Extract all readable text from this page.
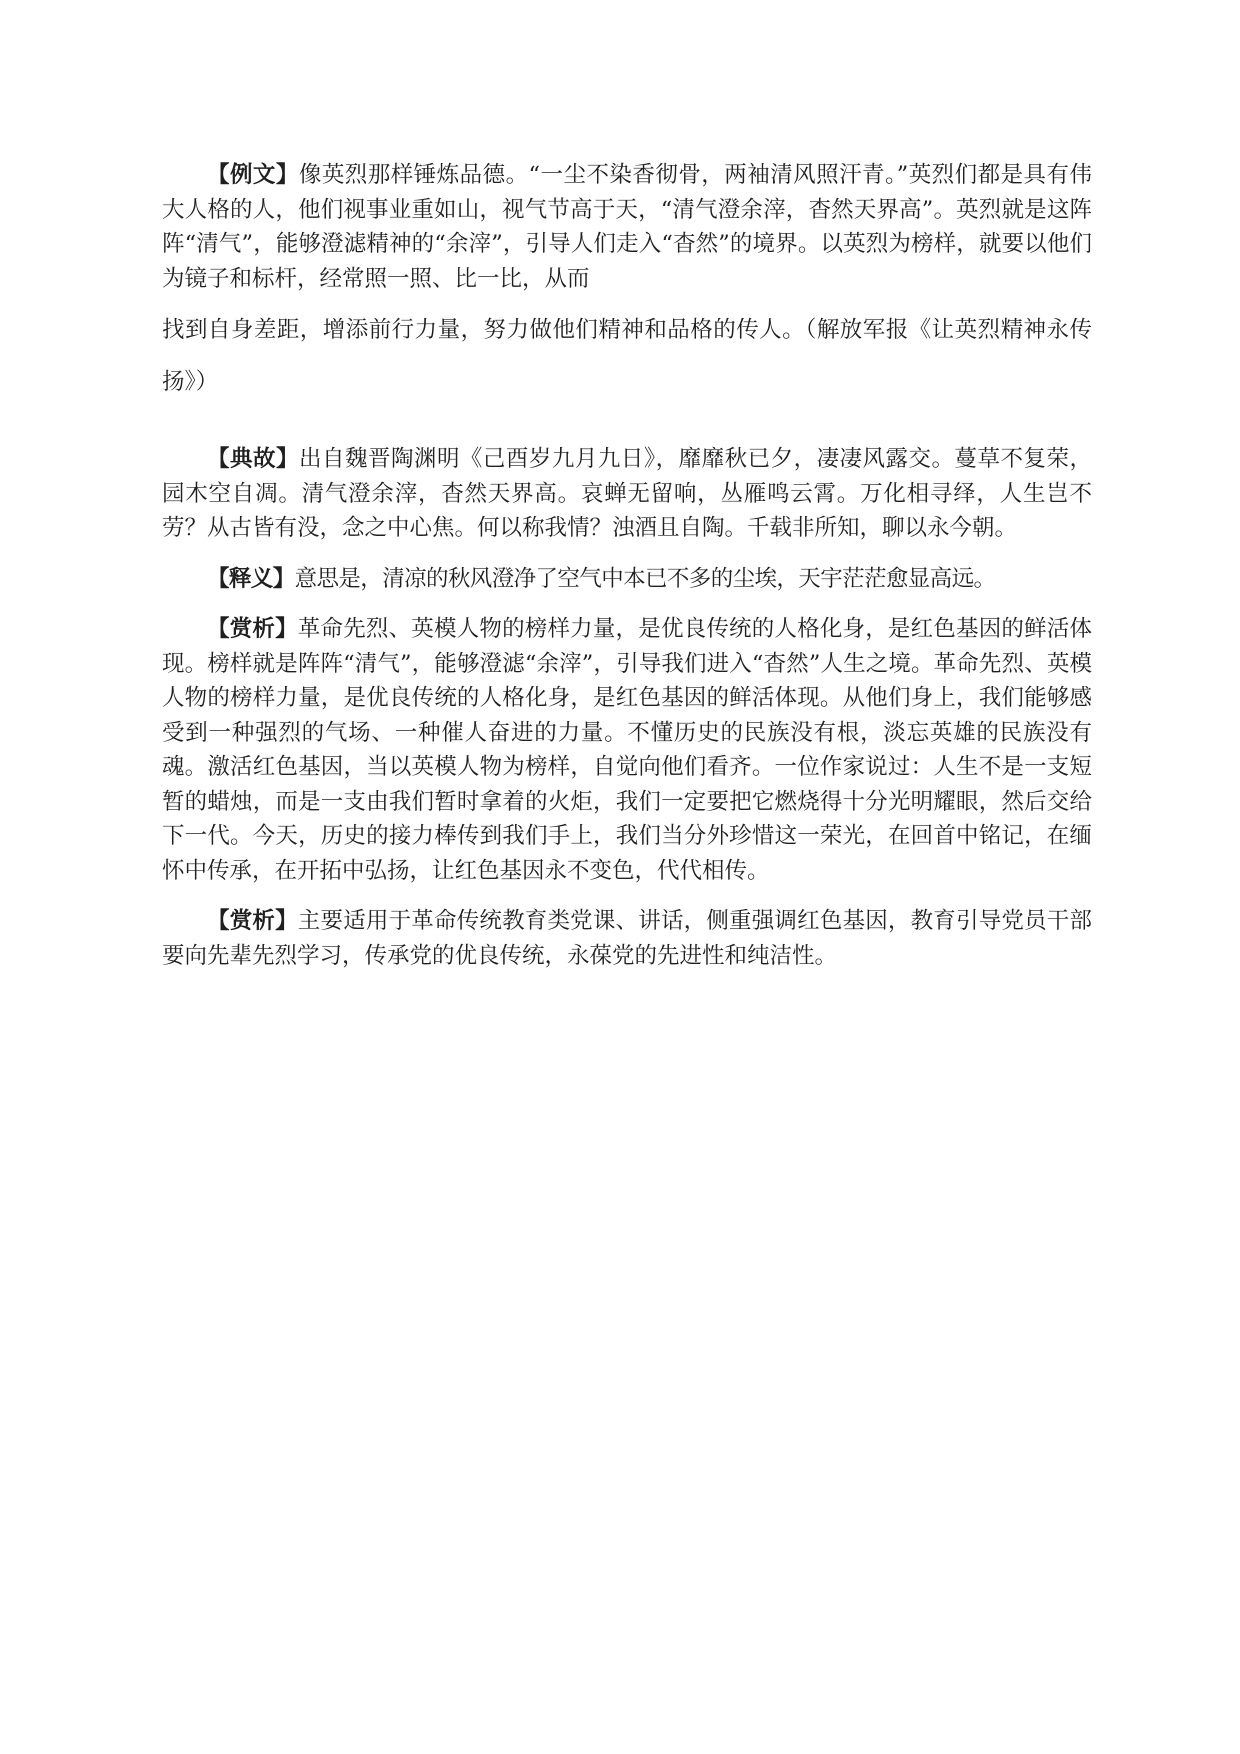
【例文】像英烈那样锤炼品德。“一尘不染香彻骨，两袖清风照汗青。”英烈们都是具有伟大人格的人，他们视事业重如山，视气节高于天，“清气澄余滓，杳然天界高”。英烈就是这阵阵“清气”，能够澄滤精神的“余滓”，引导人们走入“杳然”的境界。以英烈为榜样，就要以他们为镜子和标杆，经常照一照、比一比，从而
找到自身差距，增添前行力量，努力做他们精神和品格的传人。（解放军报《让英烈精神永传扬》）

【典故】出自魏晋陶渊明《己酉岁九月九日》，靡靡秋已夕，凄凄风露交。蔓草不复荣，园木空自凋。清气澄余滓，杳然天界高。哀蝉无留响，丛雁鸣云霄。万化相寻绎，人生岂不劳？从古皆有没，念之中心焦。何以称我情？浊酒且自陶。千载非所知，聊以永今朝。

【释义】意思是，清凉的秋风澄净了空气中本已不多的尘埃，天宇茫茫愈显高远。

【赏析】革命先烈、英模人物的榜样力量，是优良传统的人格化身，是红色基因的鲜活体现。榜样就是阵阵“清气”，能够澄滤“余滓”，引导我们进入“杳然”人生之境。革命先烈、英模人物的榜样力量，是优良传统的人格化身，是红色基因的鲜活体现。从他们身上，我们能够感受到一种强烈的气场、一种催人奋进的力量。不懂历史的民族没有根，淡忘英雄的民族没有魂。激活红色基因，当以英模人物为榜样，自觉向他们看齐。一位作家说过：人生不是一支短暂的蜡烛，而是一支由我们暂时拿着的火炬，我们一定要把它燃烧得十分光明耀眼，然后交给下一代。今天，历史的接力棒传到我们手上，我们当分外珍惜这一荣光，在回首中铭记，在缅怀中传承，在开拓中弘扬，让红色基因永不变色，代代相传。

【赏析】主要适用于革命传统教育类党课、讲话，侧重强调红色基因，教育引导党员干部要向先辈先烈学习，传承党的优良传统，永葆党的先进性和纯洁性。
